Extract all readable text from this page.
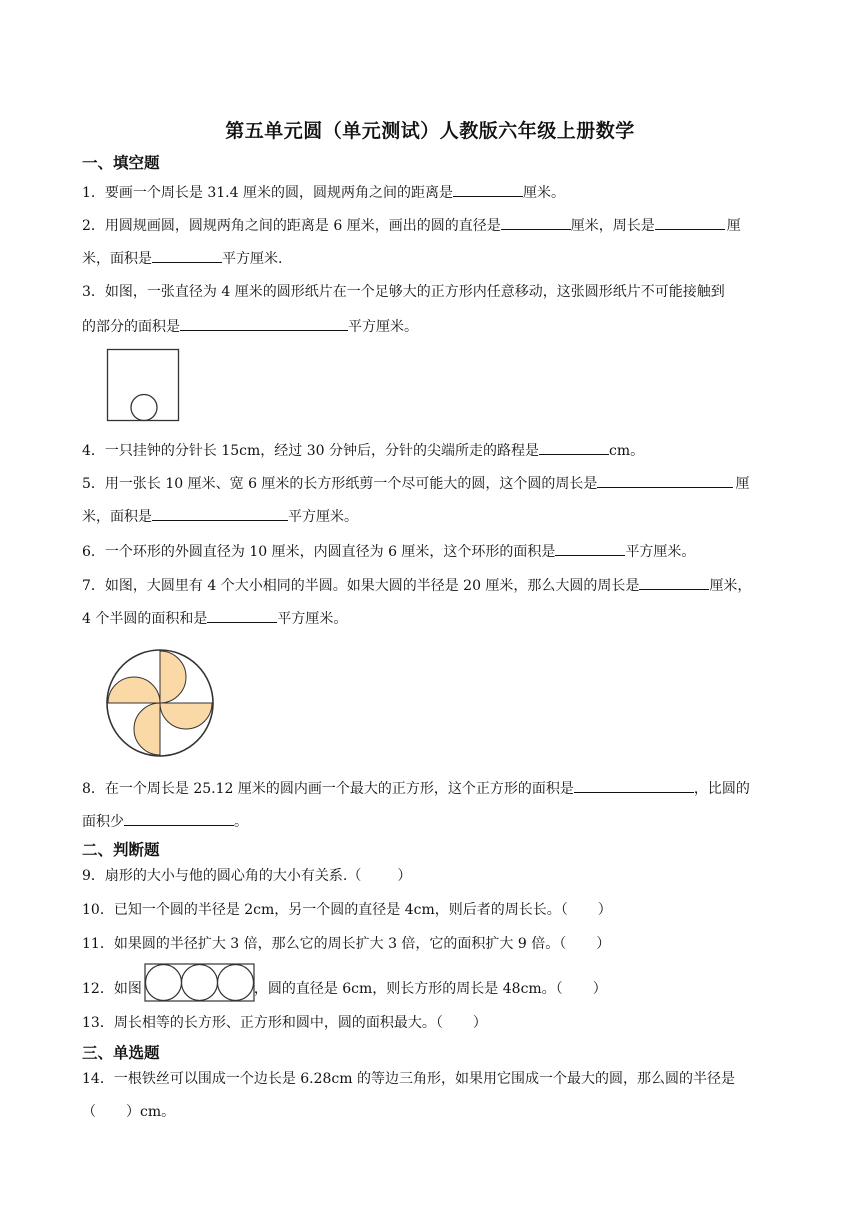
第五单元圆（单元测试）人教版六年级上册数学
一、填空题
1．要画一个周长是 31.4 厘米的圆，圆规两角之间的距离是	厘米。
2．用圆规画圆，圆规两角之间的距离是 6 厘米，画出的圆的直径是	厘米，周长是	厘
米，面积是	平方厘米.
3．如图，一张直径为 4 厘米的圆形纸片在一个足够大的正方形内任意移动，这张圆形纸片不可能接触到
的部分的面积是	平方厘米。
4．一只挂钟的分针长 15cm，经过 30 分钟后，分针的尖端所走的路程是	cm。
5．用一张长 10 厘米、宽 6 厘米的长方形纸剪一个尽可能大的圆，这个圆的周长是	厘
米，面积是	平方厘米。
6．一个环形的外圆直径为 10 厘米，内圆直径为 6 厘米，这个环形的面积是	平方厘米。
7．如图，大圆里有 4 个大小相同的半圆。如果大圆的半径是 20 厘米，那么大圆的周长是	厘米，
4 个半圆的面积和是	平方厘米。
8．在一个周长是 25.12 厘米的圆内画一个最大的正方形，这个正方形的面积是	，比圆的
面积少	。
二、判断题
9．扇形的大小与他的圆心角的大小有关系.（	）
10．已知一个圆的半径是 2cm，另一个圆的直径是 4cm，则后者的周长长。（ ）
11．如果圆的半径扩大 3 倍，那么它的周长扩大 3 倍，它的面积扩大 9 倍。（ ）
12．如图	，圆的直径是 6cm，则长方形的周长是 48cm。（ ）
13．周长相等的长方形、正方形和圆中，圆的面积最大。（ ）
三、单选题
14．一根铁丝可以围成一个边长是 6.28cm 的等边三角形，如果用它围成一个最大的圆，那么圆的半径是
（ ）cm。
